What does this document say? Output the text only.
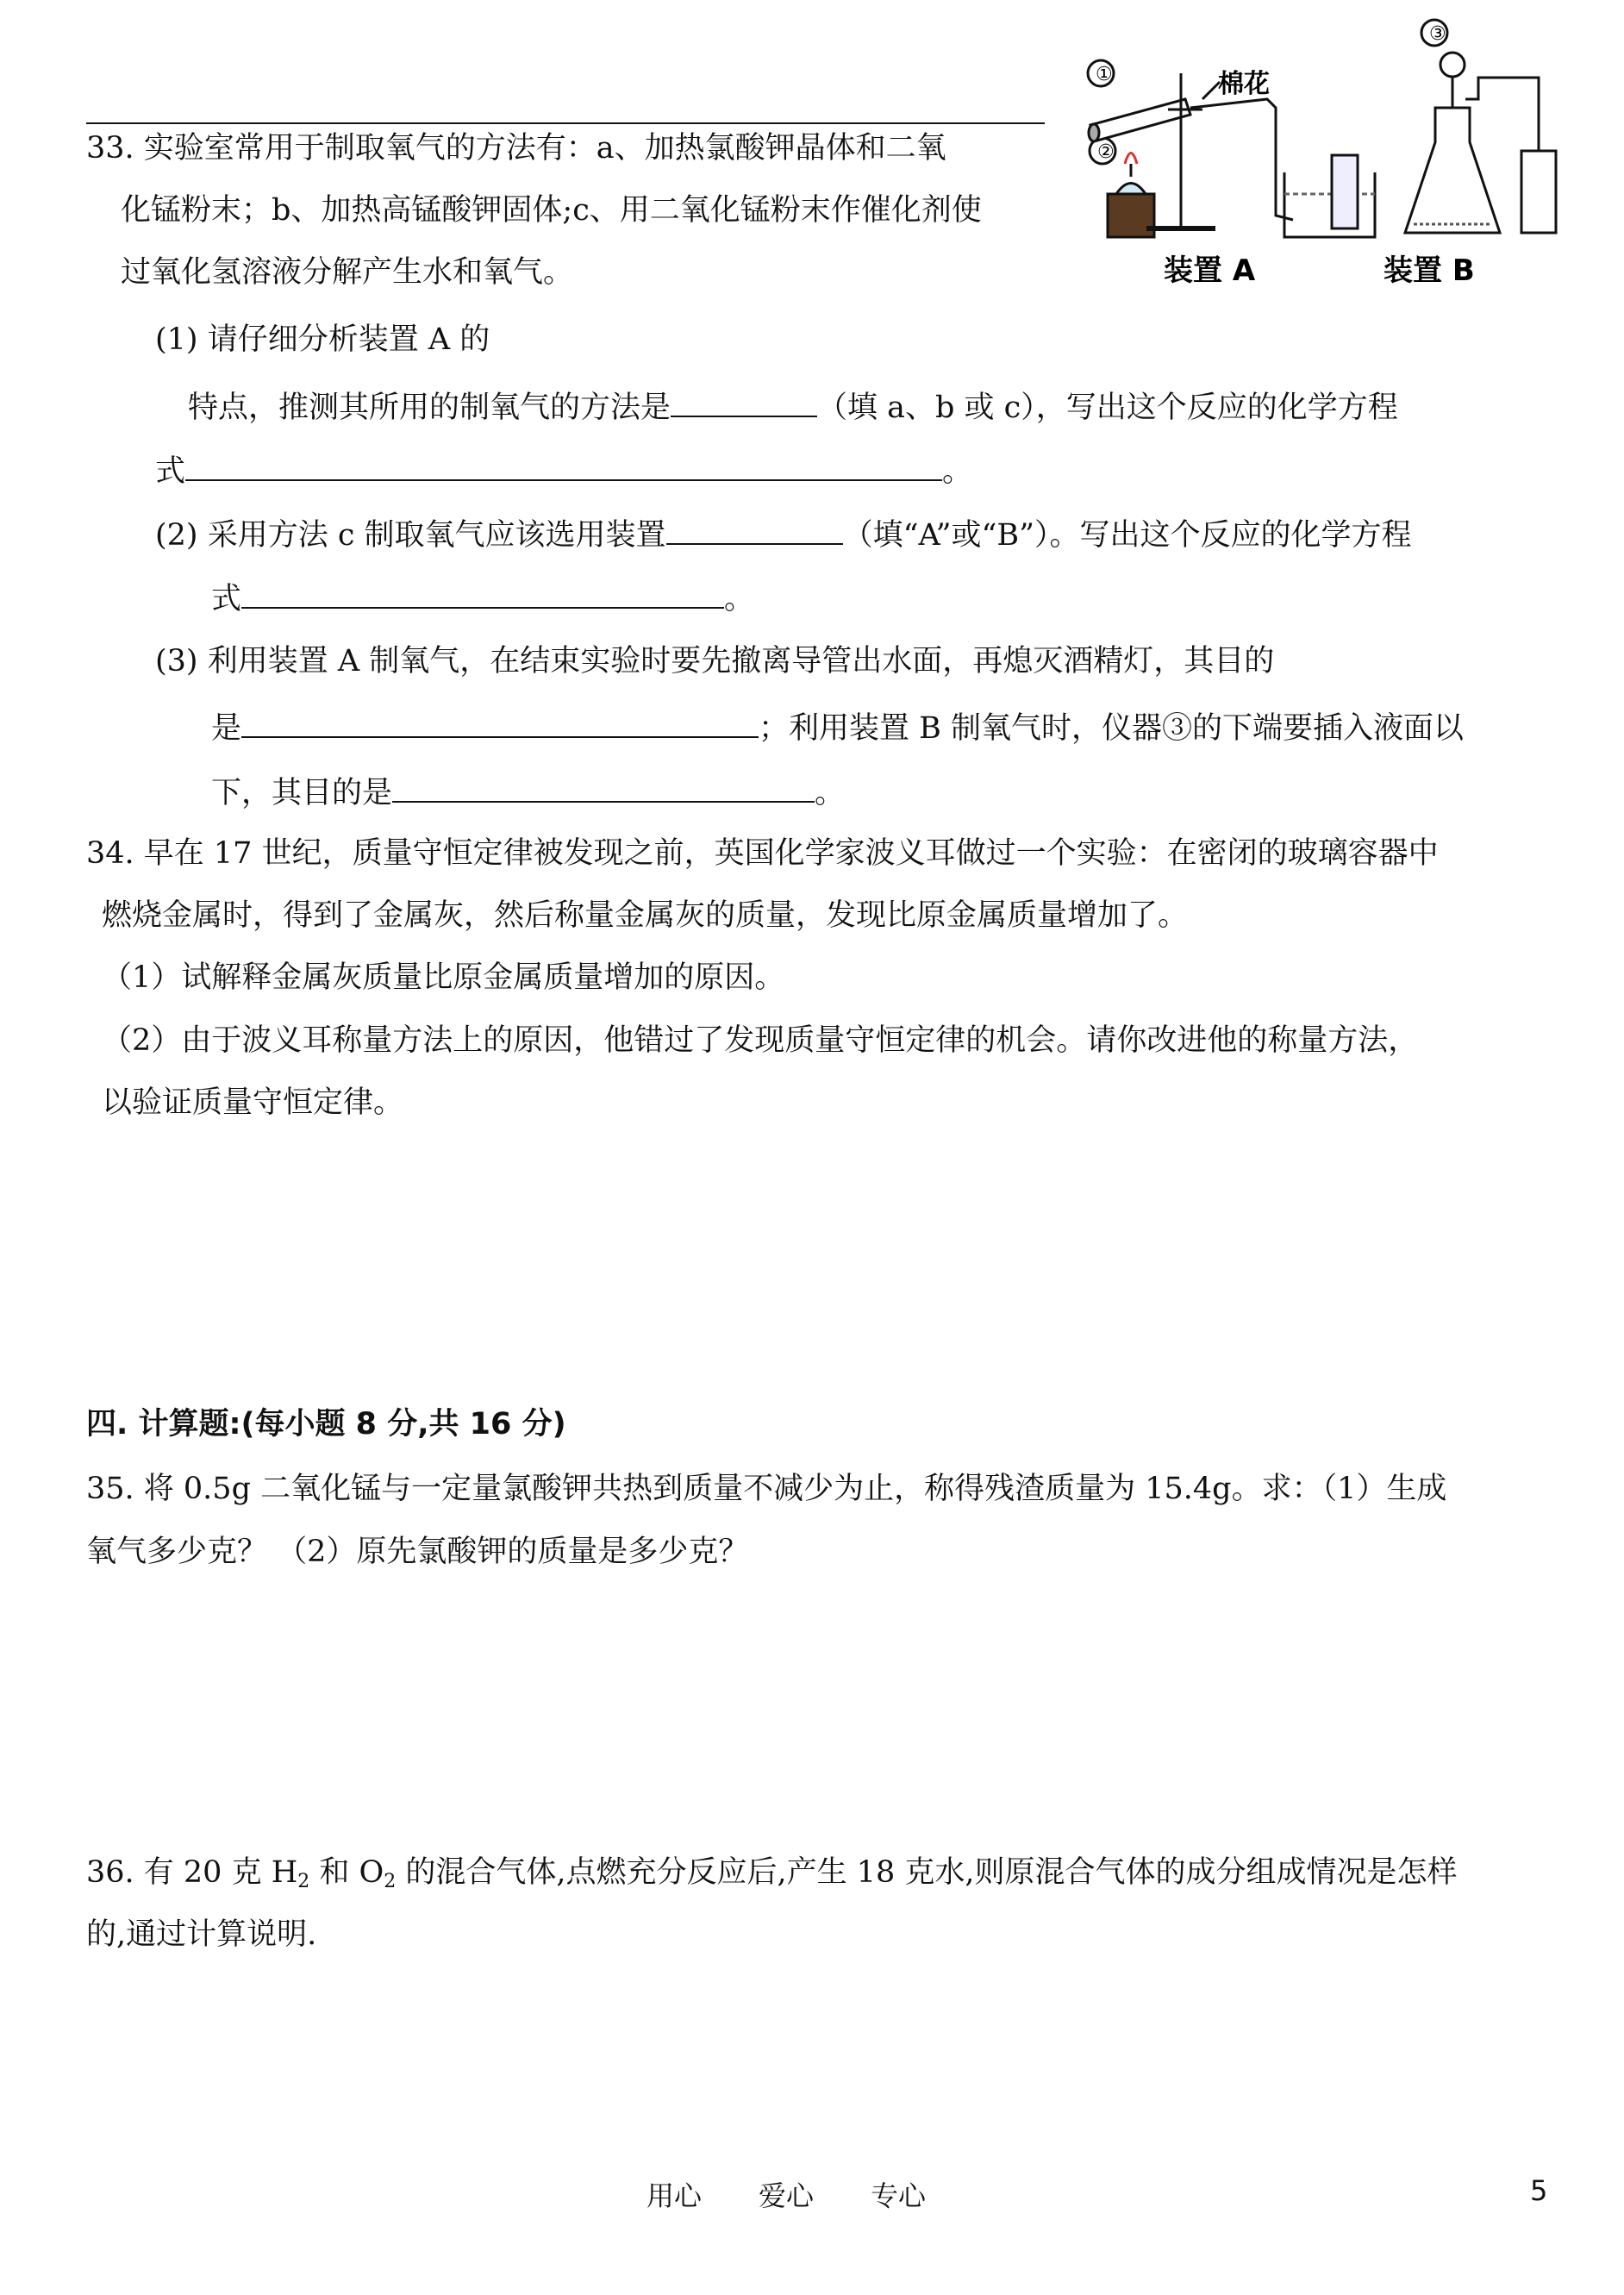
①
②
③
棉花
装置 A	装置 B
33. 实验室常用于制取氧气的方法有：a、加热氯酸钾晶体和二氧
化锰粉末；b、加热高锰酸钾固体;c、用二氧化锰粉末作催化剂使
过氧化氢溶液分解产生水和氧气。
(1) 请仔细分析装置 A 的
特点，推测其所用的制氧气的方法是	（填 a、b 或 c），写出这个反应的化学方程
式	。
(2) 采用方法 c 制取氧气应该选用装置	（填“A”或“B”）。写出这个反应的化学方程
式	。
(3) 利用装置 A 制氧气，在结束实验时要先撤离导管出水面，再熄灭酒精灯，其目的
是	；利用装置 B 制氧气时，仪器③的下端要插入液面以
下，其目的是	。
34. 早在 17 世纪，质量守恒定律被发现之前，英国化学家波义耳做过一个实验：在密闭的玻璃容器中
燃烧金属时，得到了金属灰，然后称量金属灰的质量，发现比原金属质量增加了。
（1）试解释金属灰质量比原金属质量增加的原因。
（2）由于波义耳称量方法上的原因，他错过了发现质量守恒定律的机会。请你改进他的称量方法，
以验证质量守恒定律。
四. 计算题:(每小题 8 分,共 16 分)
35. 将 0.5g 二氧化锰与一定量氯酸钾共热到质量不减少为止，称得残渣质量为 15.4g。求：（1）生成
氧气多少克？ （2）原先氯酸钾的质量是多少克？
36. 有 20 克 $H_2$ 和 $O_2$ 的混合气体,点燃充分反应后,产生 18 克水,则原混合气体的成分组成情况是怎样
的,通过计算说明.
用心 爱心 专心	5
